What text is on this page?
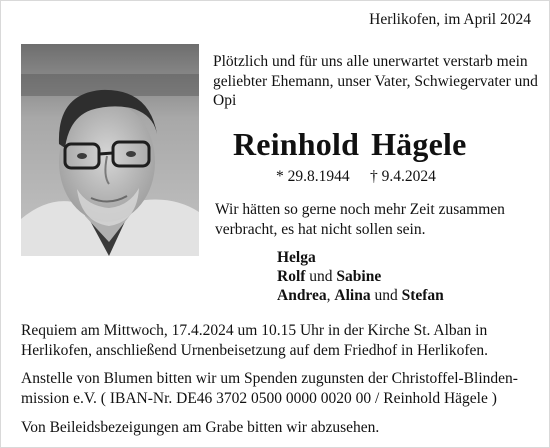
Herlikofen, im April 2024
Plötzlich und für uns alle unerwartet verstarb mein geliebter Ehemann, unser Vater, Schwiegervater und Opi
Reinhold Hägele
* 29.8.1944 † 9.4.2024
Wir hätten so gerne noch mehr Zeit zusammen verbracht, es hat nicht sollen sein.
Helga
Rolf und Sabine
Andrea, Alina und Stefan
Requiem am Mittwoch, 17.4.2024 um 10.15 Uhr in der Kirche St. Alban in Herlikofen, anschließend Urnenbeisetzung auf dem Friedhof in Herlikofen.
Anstelle von Blumen bitten wir um Spenden zugunsten der Christoffel-Blinden-mission e.V. ( IBAN-Nr. DE46 3702 0500 0000 0020 00 / Reinhold Hägele )
Von Beileidsbezeigungen am Grabe bitten wir abzusehen.
